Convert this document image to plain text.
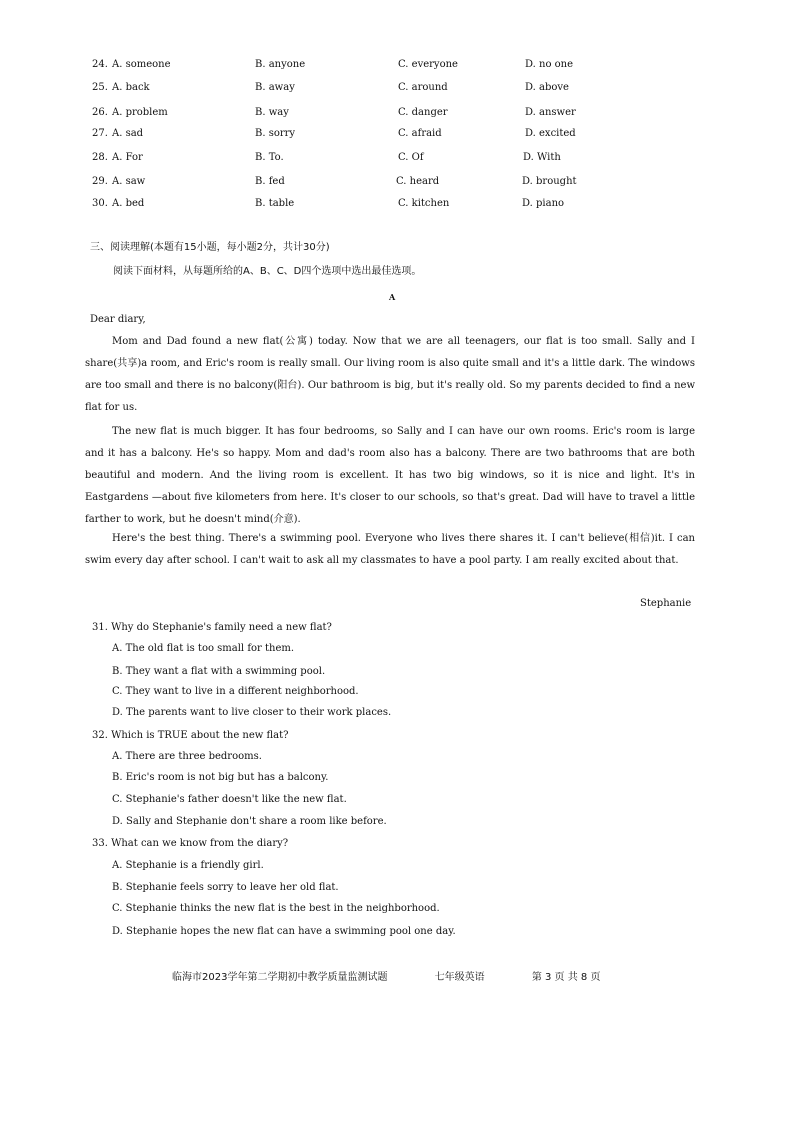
24. A. someone	B. anyone	C. everyone	D. no one
25. A. back	B. away	C. around	D. above
26. A. problem	B. way	C. danger	D. answer
27. A. sad	B. sorry	C. afraid	D. excited
28. A. For	B. To.	C. Of	D. With
29. A. saw	B. fed	C. heard	D. brought
30. A. bed	B. table	C. kitchen	D. piano
三、阅读理解(本题有15小题，每小题2分，共计30分)
阅读下面材料，从每题所给的A、B、C、D四个选项中选出最佳选项。
A
Dear diary,
Mom and Dad found a new flat(公寓) today. Now that we are all teenagers, our flat is too small. Sally and I share(共享)a room, and Eric's room is really small. Our living room is also quite small and it's a little dark. The windows are too small and there is no balcony(阳台). Our bathroom is big, but it's really old. So my parents decided to find a new flat for us.
The new flat is much bigger. It has four bedrooms, so Sally and I can have our own rooms. Eric's room is large and it has a balcony. He's so happy. Mom and dad's room also has a balcony. There are two bathrooms that are both beautiful and modern. And the living room is excellent. It has two big windows, so it is nice and light. It's in Eastgardens —about five kilometers from here. It's closer to our schools, so that's great. Dad will have to travel a little farther to work, but he doesn't mind(介意).
Here's the best thing. There's a swimming pool. Everyone who lives there shares it. I can't believe(相信)it. I can swim every day after school. I can't wait to ask all my classmates to have a pool party. I am really excited about that.
Stephanie
31. Why do Stephanie's family need a new flat?
A. The old flat is too small for them.
B. They want a flat with a swimming pool.
C. They want to live in a different neighborhood.
D. The parents want to live closer to their work places.
32. Which is TRUE about the new flat?
A. There are three bedrooms.
B. Eric's room is not big but has a balcony.
C. Stephanie's father doesn't like the new flat.
D. Sally and Stephanie don't share a room like before.
33. What can we know from the diary?
A. Stephanie is a friendly girl.
B. Stephanie feels sorry to leave her old flat.
C. Stephanie thinks the new flat is the best in the neighborhood.
D. Stephanie hopes the new flat can have a swimming pool one day.
临海市2023学年第二学期初中教学质量监测试题	七年级英语	第 3 页 共 8 页
